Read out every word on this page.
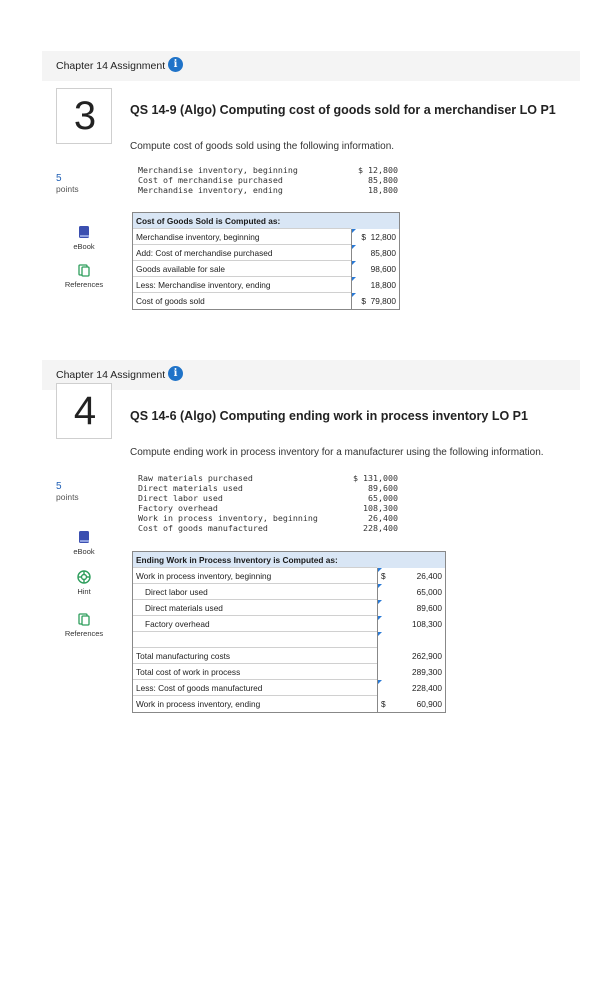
Chapter 14 Assignment i
3	QS 14-9 (Algo) Computing cost of goods sold for a merchandiser LO P1
Compute cost of goods sold using the following information.
5
points
eBook
References
Merchandise inventory, beginning	$ 12,800
Cost of merchandise purchased	85,800
Merchandise inventory, ending	18,800
Cost of Goods Sold is Computed as:
Merchandise inventory, beginning
$ 12,800
Add: Cost of merchandise purchased
85,800
Goods available for sale
98,600
Less: Merchandise inventory, ending
18,800
Cost of goods sold
$ 79,800
Chapter 14 Assignment i
4	QS 14-6 (Algo) Computing ending work in process inventory LO P1
Compute ending work in process inventory for a manufacturer using the following information.
5
points
eBook
Hint
References
Raw materials purchased	$ 131,000
Direct materials used	89,600
Direct labor used	65,000
Factory overhead	108,300
Work in process inventory, beginning	26,400
Cost of goods manufactured	228,400
Ending Work in Process Inventory is Computed as:
Work in process inventory, beginning	$
26,400
Direct labor used
65,000
Direct materials used
89,600
Factory overhead
108,300
Total manufacturing costs
262,900
Total cost of work in process
289,300
Less: Cost of goods manufactured
228,400
Work in process inventory, ending	$
60,900
